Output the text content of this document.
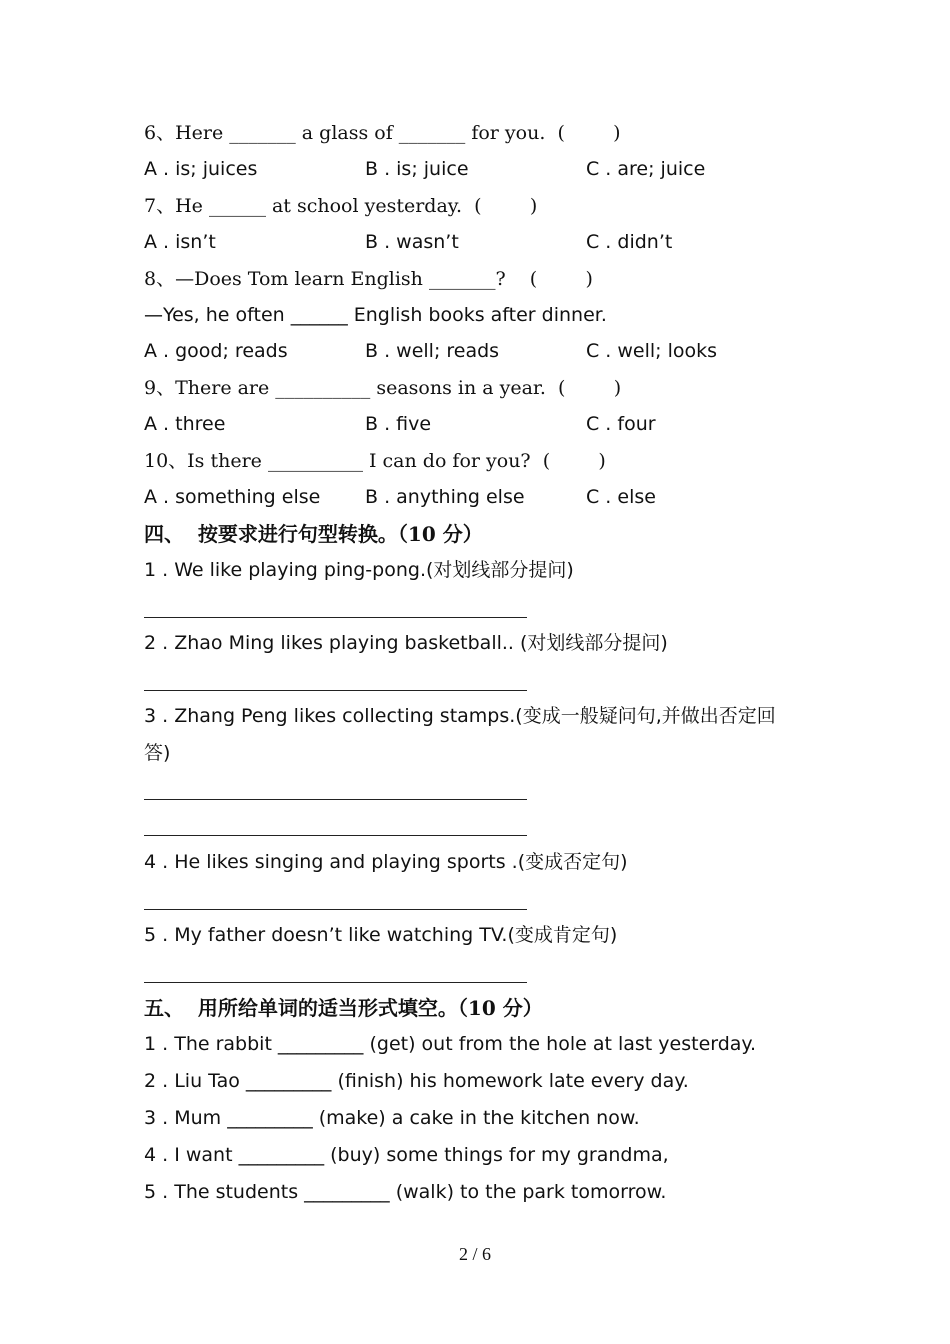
6、Here _______ a glass of _______ for you.  (        )
A . is; juices	B . is; juice	C . are; juice
7、He ______ at school yesterday.  (        )
A . isn’t	B . wasn’t	C . didn’t
8、—Does Tom learn English _______?    (        )
—Yes, he often ______ English books after dinner.
A . good; reads	B . well; reads	C . well; looks
9、There are __________ seasons in a year.  (        )
A . three	B . five	C . four
10、Is there __________ I can do for you?  (        )
A . something else B . anything else	C . else
四、  按要求进行句型转换。（10 分）
1 . We like playing ping-pong.(对划线部分提问)
2 . Zhao Ming likes playing basketball.. (对划线部分提问)
3 . Zhang Peng likes collecting stamps.(变成一般疑问句,并做出否定回
答)
4 . He likes singing and playing sports .(变成否定句)
5 . My father doesn’t like watching TV.(变成肯定句)
五、  用所给单词的适当形式填空。（10 分）
1 . The rabbit _________ (get) out from the hole at last yesterday.
2 . Liu Tao _________ (finish) his homework late every day.
3 . Mum _________ (make) a cake in the kitchen now.
4 . I want _________ (buy) some things for my grandma,
5 . The students _________ (walk) to the park tomorrow.
2 / 6
